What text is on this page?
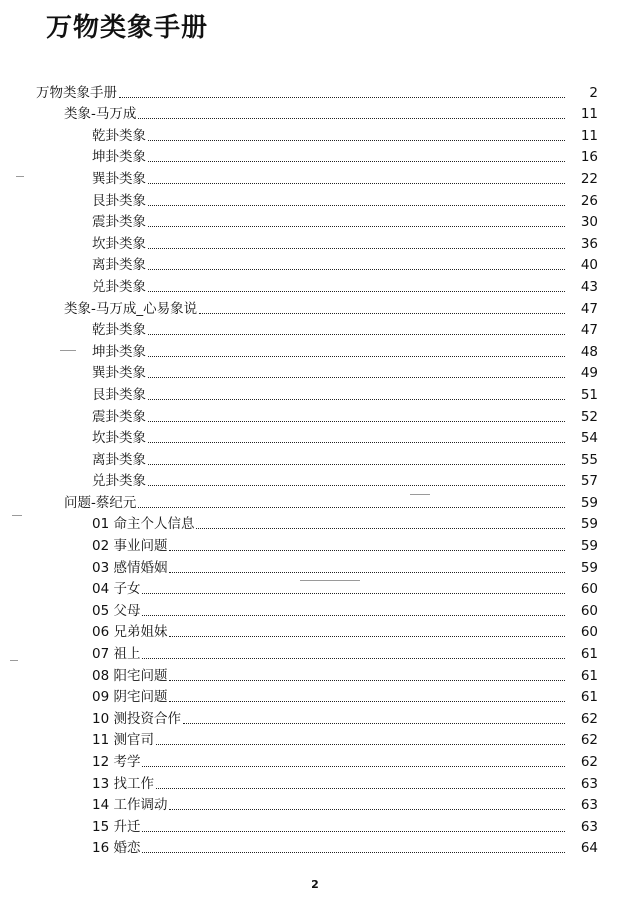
万物类象手册
万物类象手册	2
类象-马万成	11
乾卦类象	11
坤卦类象	16
巽卦类象	22
艮卦类象	26
震卦类象	30
坎卦类象	36
离卦类象	40
兑卦类象	43
类象-马万成_心易象说	47
乾卦类象	47
坤卦类象	48
巽卦类象	49
艮卦类象	51
震卦类象	52
坎卦类象	54
离卦类象	55
兑卦类象	57
问题-蔡纪元	59
01 命主个人信息	59
02 事业问题	59
03 感情婚姻	59
04 子女	60
05 父母	60
06 兄弟姐妹	60
07 祖上	61
08 阳宅问题	61
09 阴宅问题	61
10 测投资合作	62
11 测官司	62
12 考学	62
13 找工作	63
14 工作调动	63
15 升迁	63
16 婚恋	64
2
